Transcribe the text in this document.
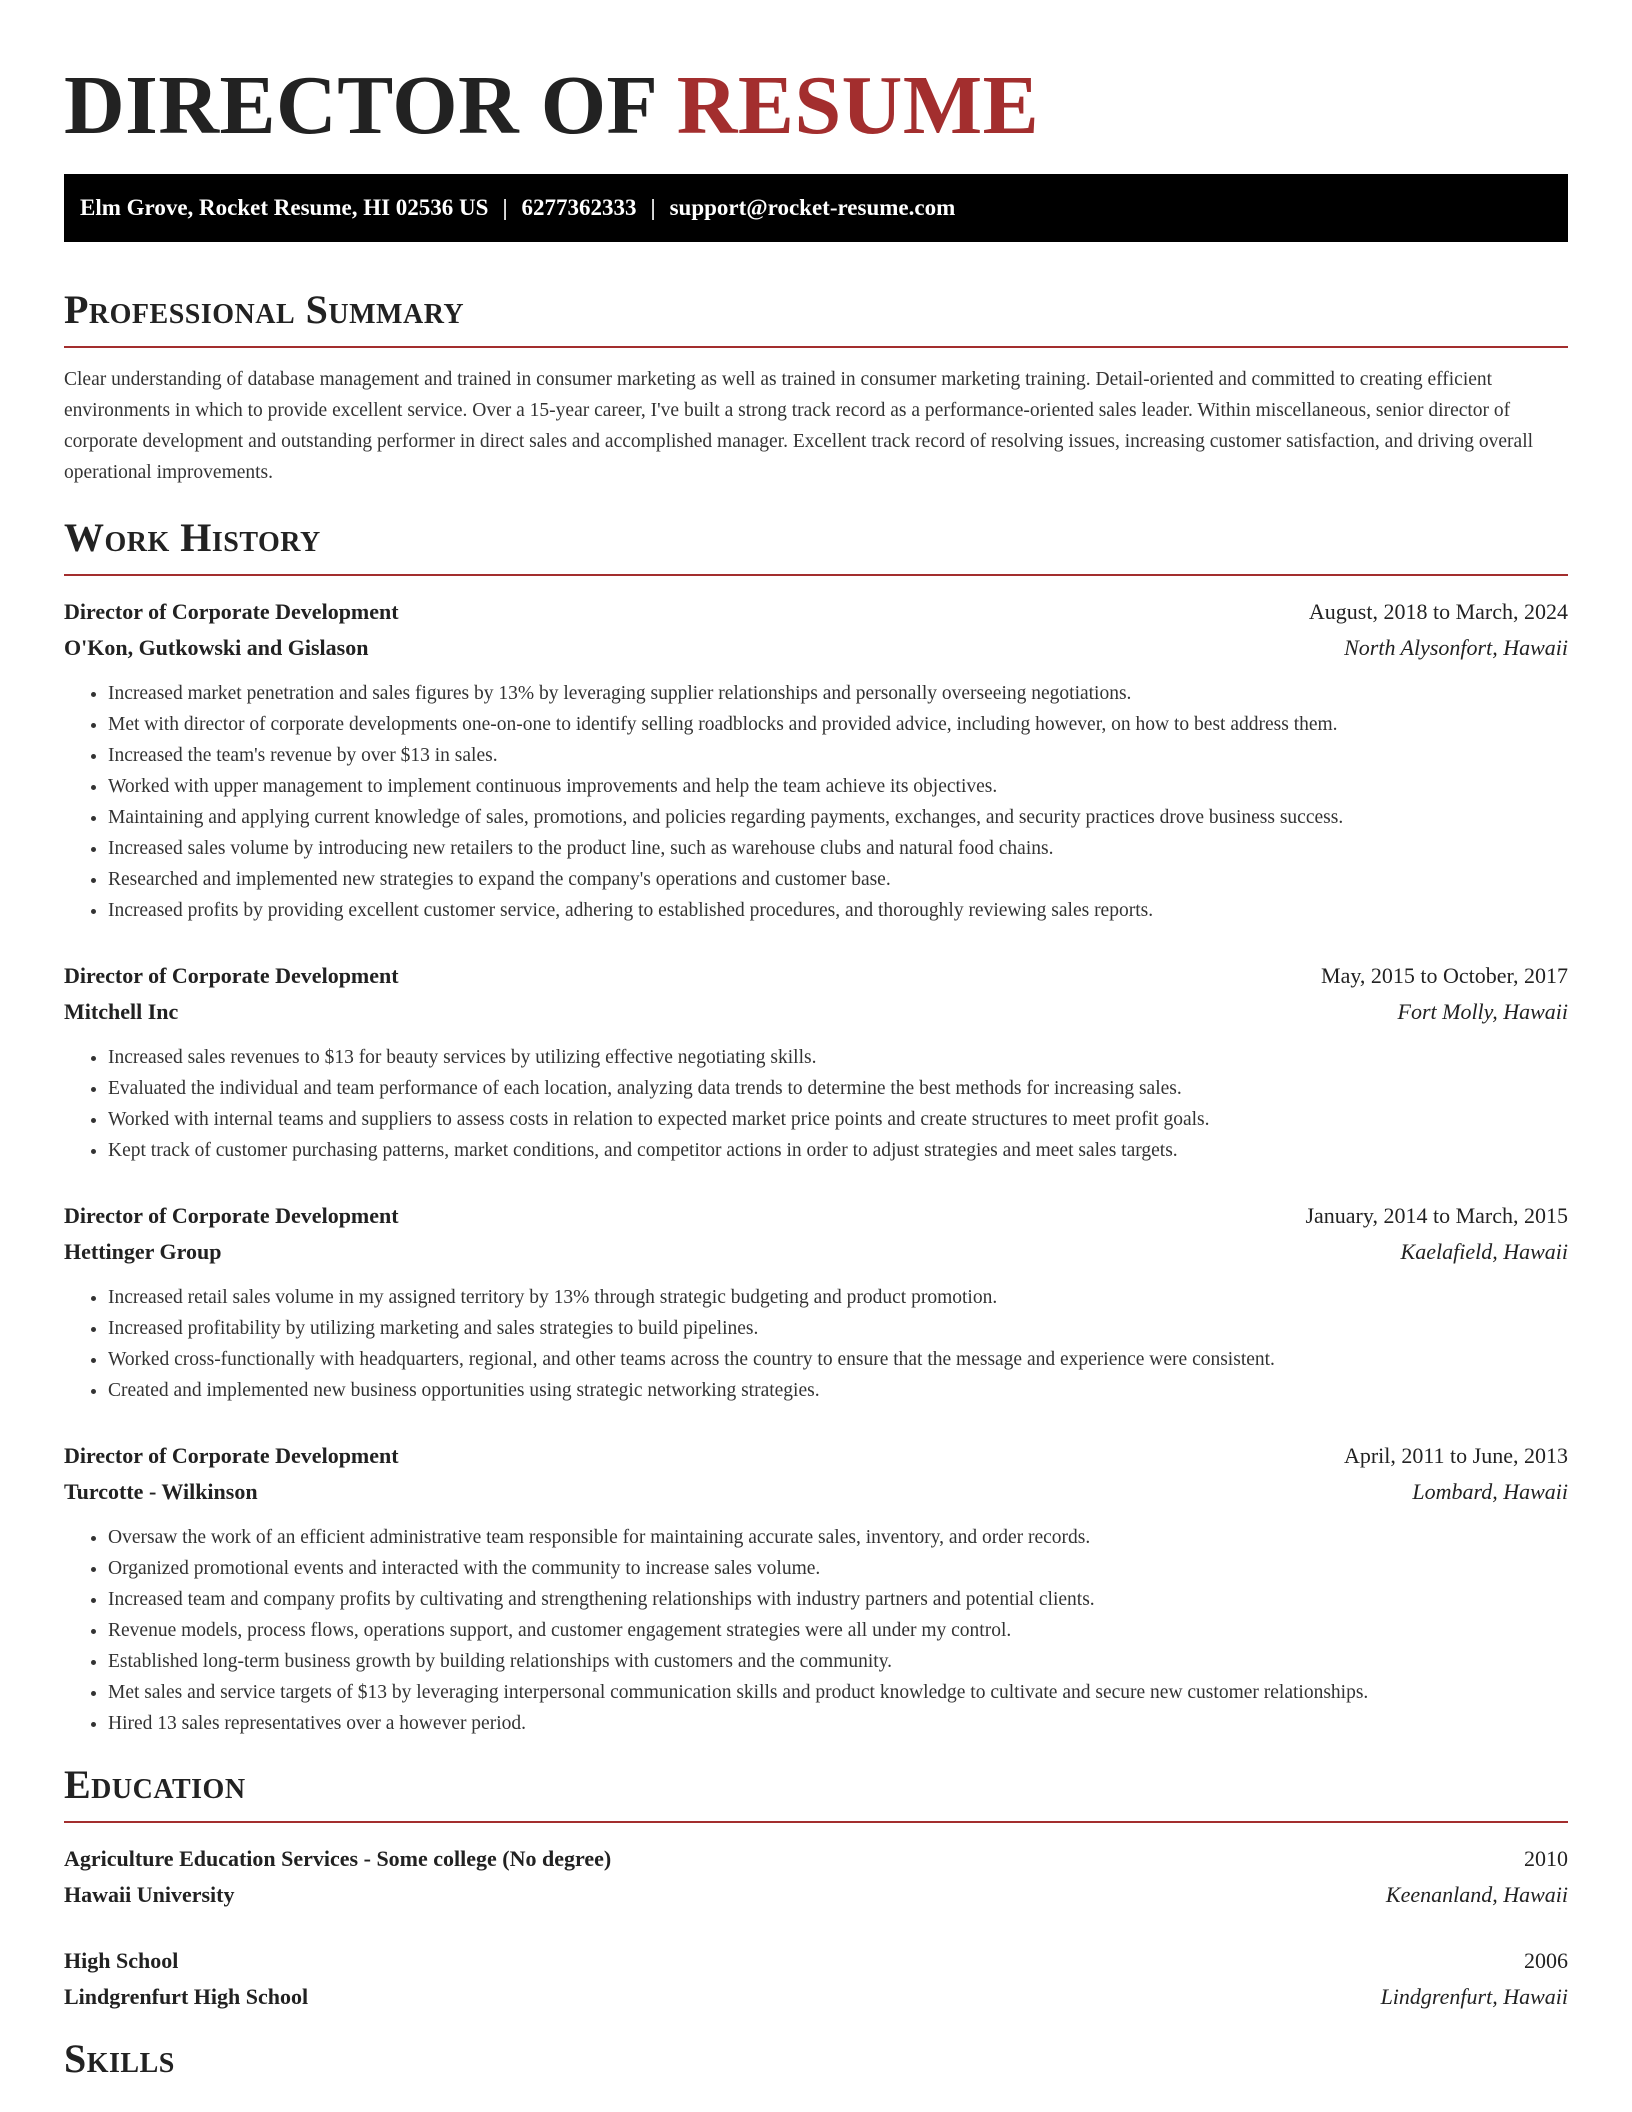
DIRECTOR OF RESUME
Elm Grove, Rocket Resume, HI 02536 US | 6277362333 | support@rocket-resume.com
Professional Summary

Clear understanding of database management and trained in consumer marketing as well as trained in consumer marketing training. Detail-oriented and committed to creating efficient environments in which to provide excellent service. Over a 15-year career, I've built a strong track record as a performance-oriented sales leader. Within miscellaneous, senior director of corporate development and outstanding performer in direct sales and accomplished manager. Excellent track record of resolving issues, increasing customer satisfaction, and driving overall operational improvements.

Work History
Director of Corporate Development	August, 2018 to March, 2024
O'Kon, Gutkowski and Gislason	North Alysonfort, Hawaii
• Increased market penetration and sales figures by 13% by leveraging supplier relationships and personally overseeing negotiations.
• Met with director of corporate developments one-on-one to identify selling roadblocks and provided advice, including however, on how to best address them.
• Increased the team's revenue by over $13 in sales.
• Worked with upper management to implement continuous improvements and help the team achieve its objectives.
• Maintaining and applying current knowledge of sales, promotions, and policies regarding payments, exchanges, and security practices drove business success.
• Increased sales volume by introducing new retailers to the product line, such as warehouse clubs and natural food chains.
• Researched and implemented new strategies to expand the company's operations and customer base.
• Increased profits by providing excellent customer service, adhering to established procedures, and thoroughly reviewing sales reports.
Director of Corporate Development	May, 2015 to October, 2017
Mitchell Inc	Fort Molly, Hawaii
• Increased sales revenues to $13 for beauty services by utilizing effective negotiating skills.
• Evaluated the individual and team performance of each location, analyzing data trends to determine the best methods for increasing sales.
• Worked with internal teams and suppliers to assess costs in relation to expected market price points and create structures to meet profit goals.
• Kept track of customer purchasing patterns, market conditions, and competitor actions in order to adjust strategies and meet sales targets.
Director of Corporate Development	January, 2014 to March, 2015
Hettinger Group	Kaelafield, Hawaii
• Increased retail sales volume in my assigned territory by 13% through strategic budgeting and product promotion.
• Increased profitability by utilizing marketing and sales strategies to build pipelines.
• Worked cross-functionally with headquarters, regional, and other teams across the country to ensure that the message and experience were consistent.
• Created and implemented new business opportunities using strategic networking strategies.
Director of Corporate Development	April, 2011 to June, 2013
Turcotte - Wilkinson	Lombard, Hawaii
• Oversaw the work of an efficient administrative team responsible for maintaining accurate sales, inventory, and order records.
• Organized promotional events and interacted with the community to increase sales volume.
• Increased team and company profits by cultivating and strengthening relationships with industry partners and potential clients.
• Revenue models, process flows, operations support, and customer engagement strategies were all under my control.
• Established long-term business growth by building relationships with customers and the community.
• Met sales and service targets of $13 by leveraging interpersonal communication skills and product knowledge to cultivate and secure new customer relationships.
• Hired 13 sales representatives over a however period.
Education
Agriculture Education Services - Some college (No degree)	2010
Hawaii University	Keenanland, Hawaii
High School	2006
Lindgrenfurt High School	Lindgrenfurt, Hawaii
Skills
